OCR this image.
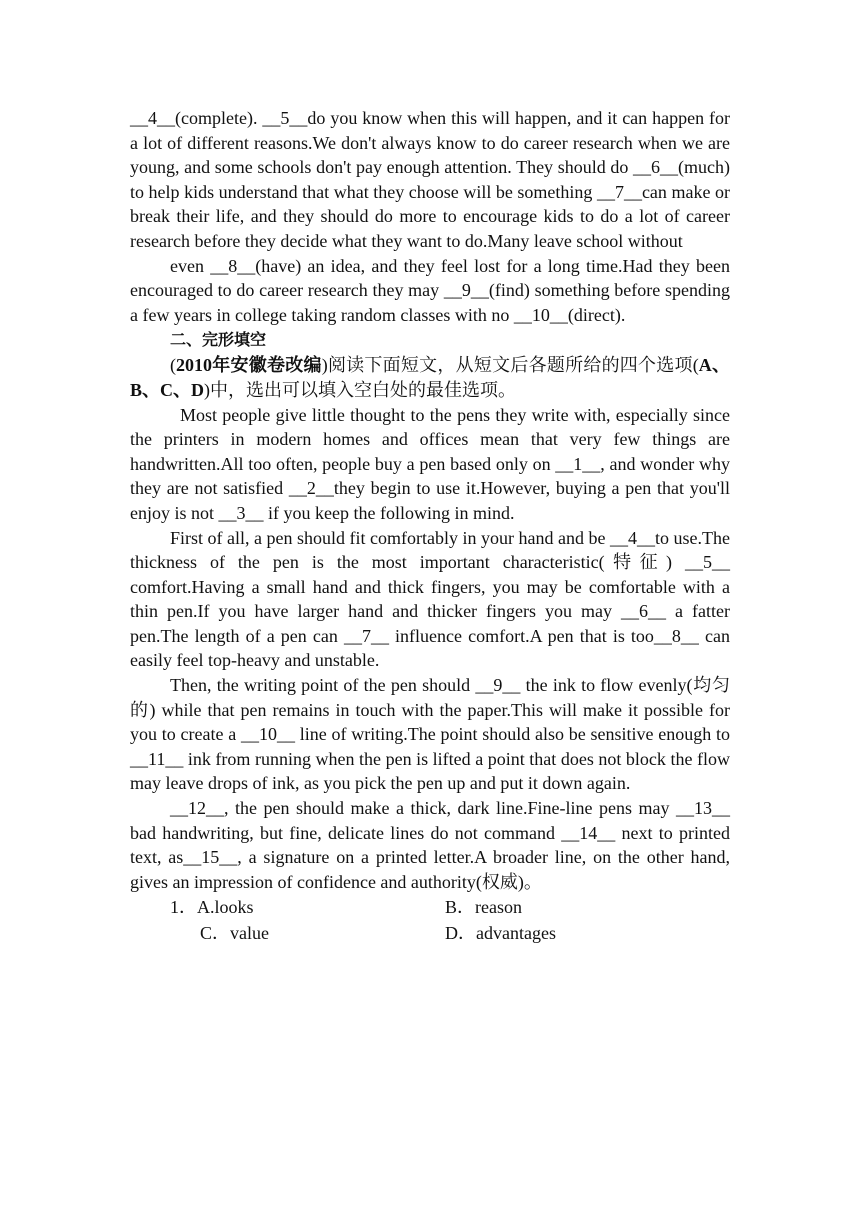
__4__(complete). __5__do you know when this will happen, and it can happen for a lot of different reasons.We don't always know to do career research when we are young, and some schools don't pay enough attention. They should do __6__(much) to help kids understand that what they choose will be something __7__can make or break their life, and they should do more to encourage kids to do a lot of career research before they decide what they want to do.Many leave school without

even __8__(have) an idea, and they feel lost for a long time.Had they been encouraged to do career research they may __9__(find) something before spending a few years in college taking random classes with no __10__(direct).

二、完形填空

(2010年安徽卷改编)阅读下面短文，从短文后各题所给的四个选项(A、B、C、D)中，选出可以填入空白处的最佳选项。

Most people give little thought to the pens they write with, especially since the printers in modern homes and offices mean that very few things are handwritten.All too often, people buy a pen based only on __1__, and wonder why they are not satisfied __2__they begin to use it.However, buying a pen that you'll enjoy is not __3__ if you keep the following in mind.

First of all, a pen should fit comfortably in your hand and be __4__to use.The thickness of the pen is the most important characteristic(特征) __5__ comfort.Having a small hand and thick fingers, you may be comfortable with a thin pen.If you have larger hand and thicker fingers you may __6__ a fatter pen.The length of a pen can __7__ influence comfort.A pen that is too__8__ can easily feel top-heavy and unstable.

Then, the writing point of the pen should __9__ the ink to flow evenly(均匀的) while that pen remains in touch with the paper.This will make it possible for you to create a __10__ line of writing.The point should also be sensitive enough to __11__ ink from running when the pen is lifted a point that does not block the flow may leave drops of ink, as you pick the pen up and put it down again.

__12__, the pen should make a thick, dark line.Fine-line pens may __13__ bad handwriting, but fine, delicate lines do not command __14__ next to printed text, as__15__, a signature on a printed letter.A broader line, on the other hand, gives an impression of confidence and authority(权威)。

1．A.looks	B．reason
C．value	D．advantages
